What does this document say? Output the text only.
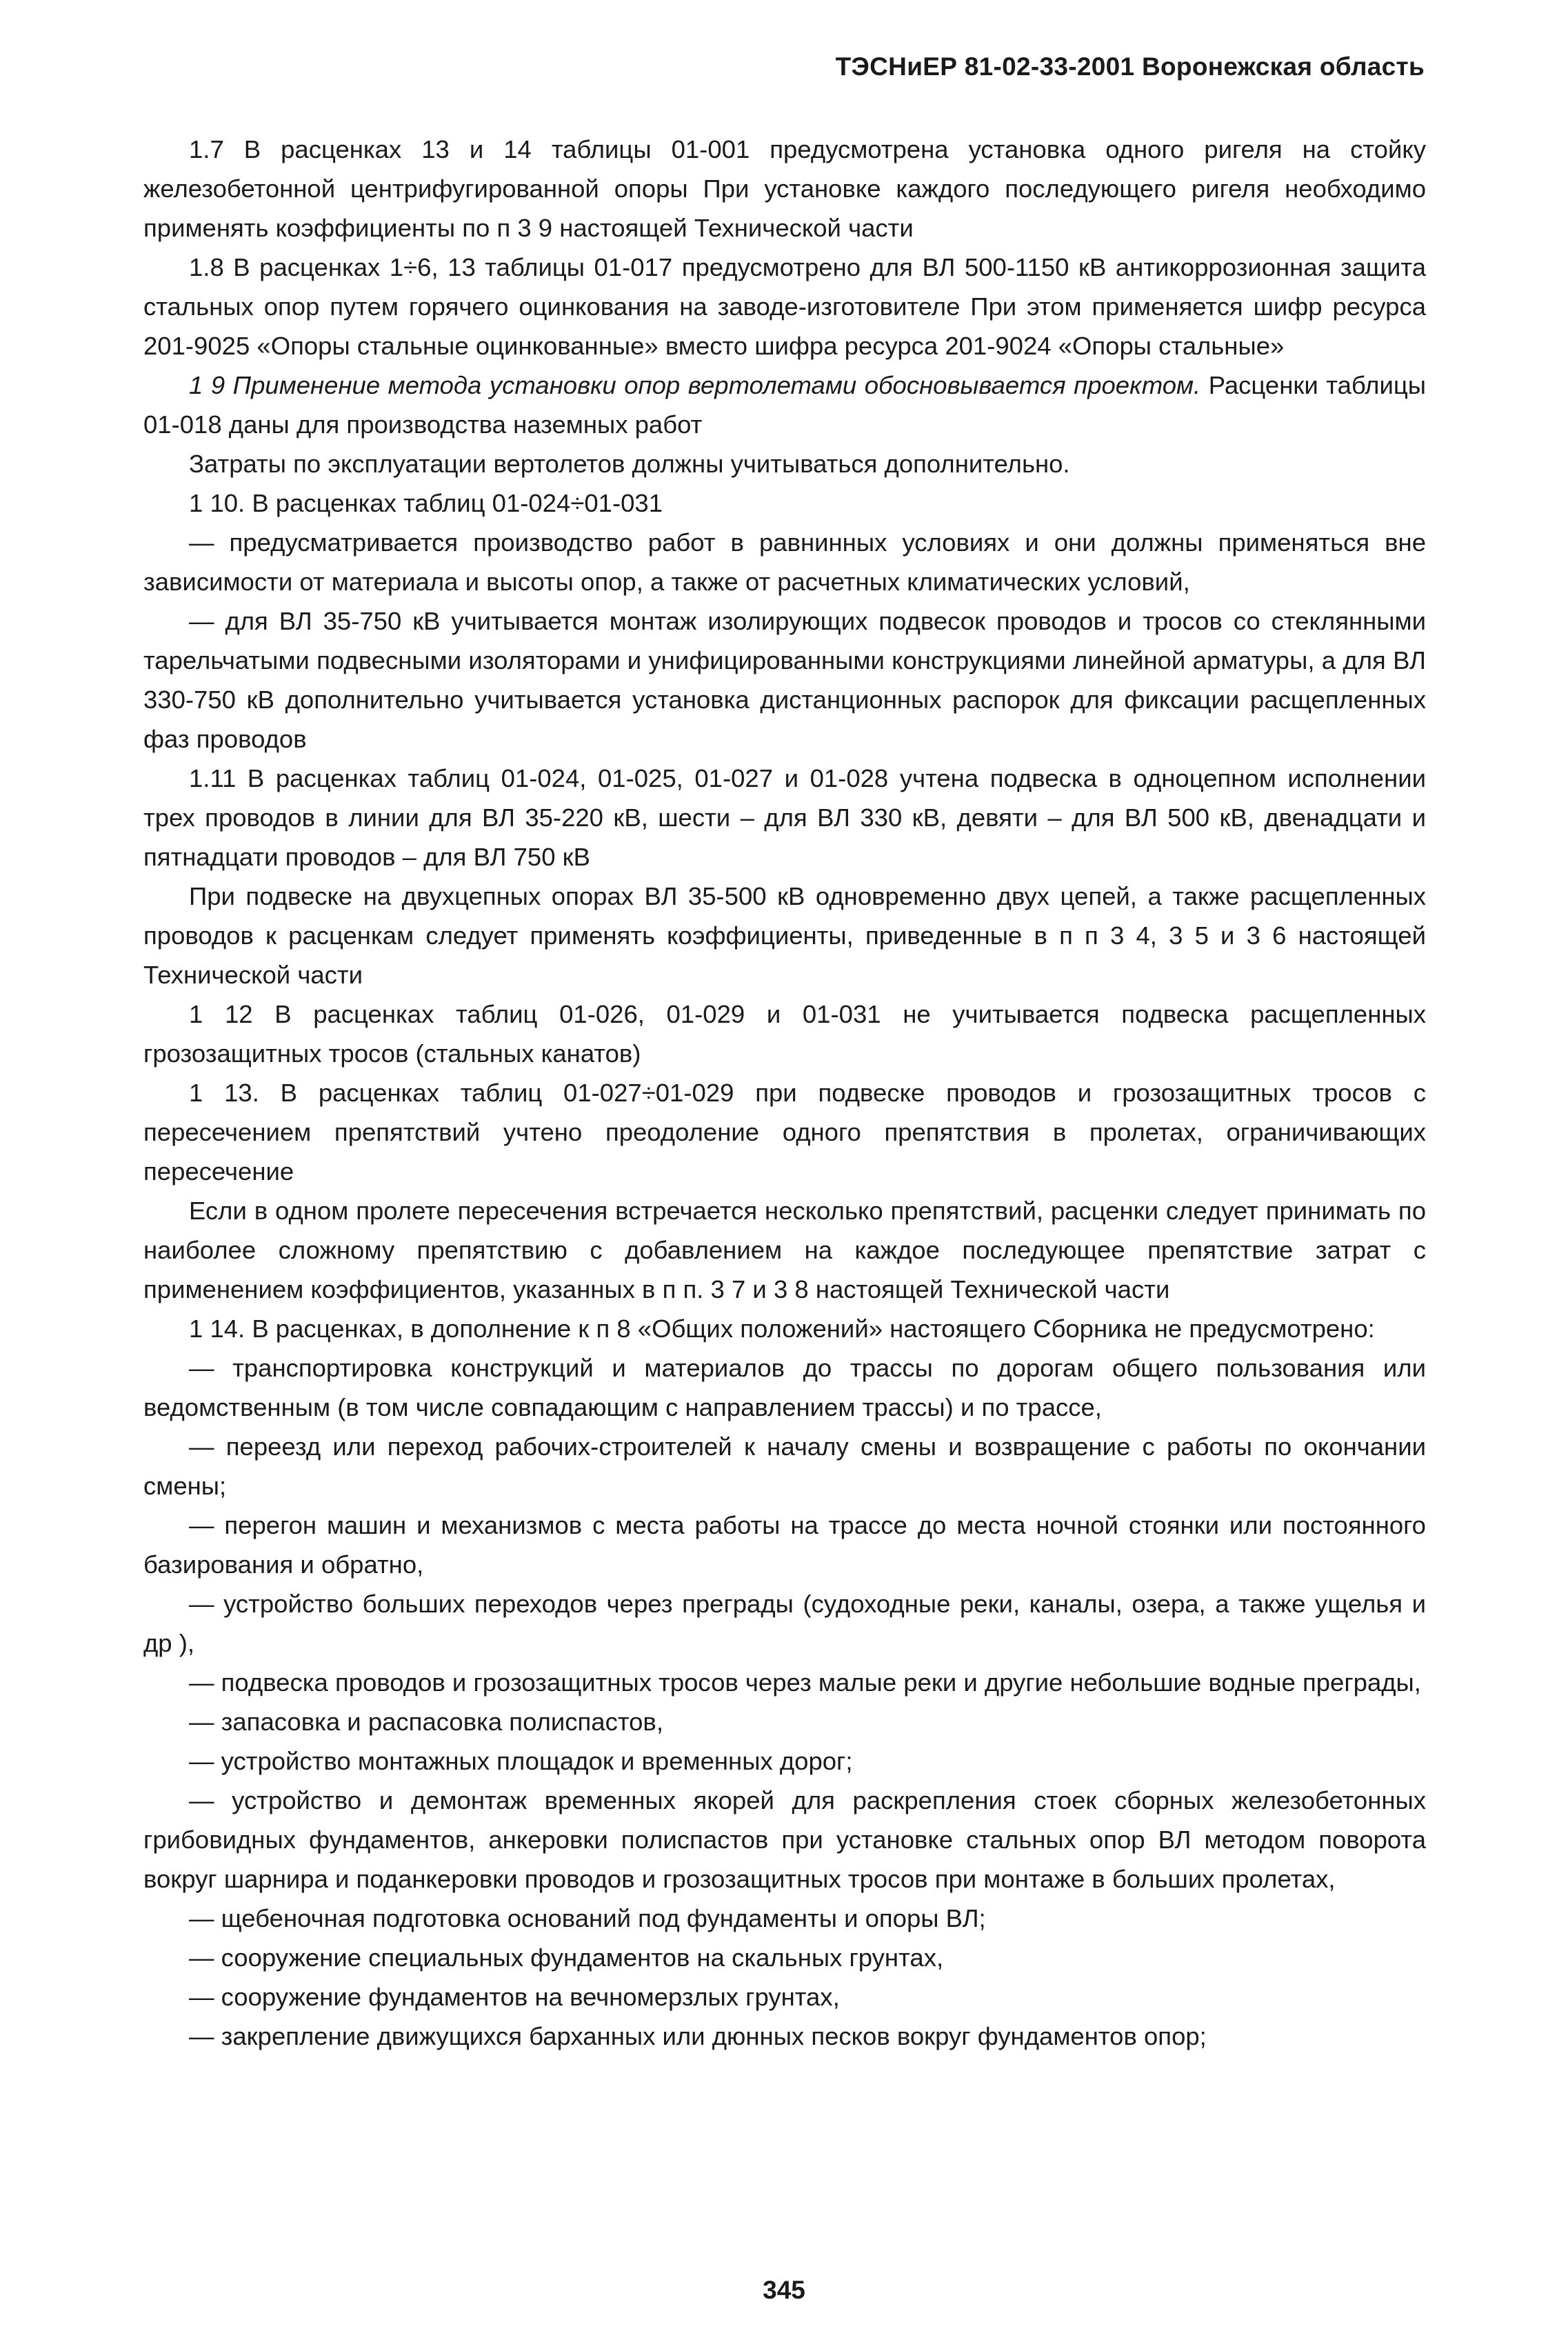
ТЭСНиЕР 81-02-33-2001 Воронежская область

1.7 В расценках 13 и 14 таблицы 01-001 предусмотрена установка одного ригеля на стойку железобетонной центрифугированной опоры При установке каждого последующего ригеля необходимо применять коэффициенты по п 3 9 настоящей Технической части

1.8 В расценках 1÷6, 13 таблицы 01-017 предусмотрено для ВЛ 500-1150 кВ антикоррозионная защита стальных опор путем горячего оцинкования на заводе-изготовителе При этом применяется шифр ресурса 201-9025 «Опоры стальные оцинкованные» вместо шифра ресурса 201-9024 «Опоры стальные»

1 9 Применение метода установки опор вертолетами обосновывается проектом. Расценки таблицы 01-018 даны для производства наземных работ

Затраты по эксплуатации вертолетов должны учитываться дополнительно.

1 10. В расценках таблиц 01-024÷01-031

— предусматривается производство работ в равнинных условиях и они должны применяться вне зависимости от материала и высоты опор, а также от расчетных климатических условий,

— для ВЛ 35-750 кВ учитывается монтаж изолирующих подвесок проводов и тросов со стеклянными тарельчатыми подвесными изоляторами и унифицированными конструкциями линейной арматуры, а для ВЛ 330-750 кВ дополнительно учитывается установка дистанционных распорок для фиксации расщепленных фаз проводов

1.11 В расценках таблиц 01-024, 01-025, 01-027 и 01-028 учтена подвеска в одноцепном исполнении трех проводов в линии для ВЛ 35-220 кВ, шести – для ВЛ 330 кВ, девяти – для ВЛ 500 кВ, двенадцати и пятнадцати проводов – для ВЛ 750 кВ

При подвеске на двухцепных опорах ВЛ 35-500 кВ одновременно двух цепей, а также расщепленных проводов к расценкам следует применять коэффициенты, приведенные в п п 3 4, 3 5 и 3 6 настоящей Технической части

1 12 В расценках таблиц 01-026, 01-029 и 01-031 не учитывается подвеска расщепленных грозозащитных тросов (стальных канатов)

1 13. В расценках таблиц 01-027÷01-029 при подвеске проводов и грозозащитных тросов с пересечением препятствий учтено преодоление одного препятствия в пролетах, ограничивающих пересечение

Если в одном пролете пересечения встречается несколько препятствий, расценки следует принимать по наиболее сложному препятствию с добавлением на каждое последующее препятствие затрат с применением коэффициентов, указанных в п п. 3 7 и 3 8 настоящей Технической части

1 14. В расценках, в дополнение к п 8 «Общих положений» настоящего Сборника не предусмотрено:

— транспортировка конструкций и материалов до трассы по дорогам общего пользования или ведомственным (в том числе совпадающим с направлением трассы) и по трассе,

— переезд или переход рабочих-строителей к началу смены и возвращение с работы по окончании смены;

— перегон машин и механизмов с места работы на трассе до места ночной стоянки или постоянного базирования и обратно,

— устройство больших переходов через преграды (судоходные реки, каналы, озера, а также ущелья и др ),

— подвеска проводов и грозозащитных тросов через малые реки и другие небольшие водные преграды,

— запасовка и распасовка полиспастов,

— устройство монтажных площадок и временных дорог;

— устройство и демонтаж временных якорей для раскрепления стоек сборных железобетонных грибовидных фундаментов, анкеровки полиспастов при установке стальных опор ВЛ методом поворота вокруг шарнира и поданкеровки проводов и грозозащитных тросов при монтаже в больших пролетах,

— щебеночная подготовка оснований под фундаменты и опоры ВЛ;

— сооружение специальных фундаментов на скальных грунтах,

— сооружение фундаментов на вечномерзлых грунтах,

— закрепление движущихся барханных или дюнных песков вокруг фундаментов опор;

345
